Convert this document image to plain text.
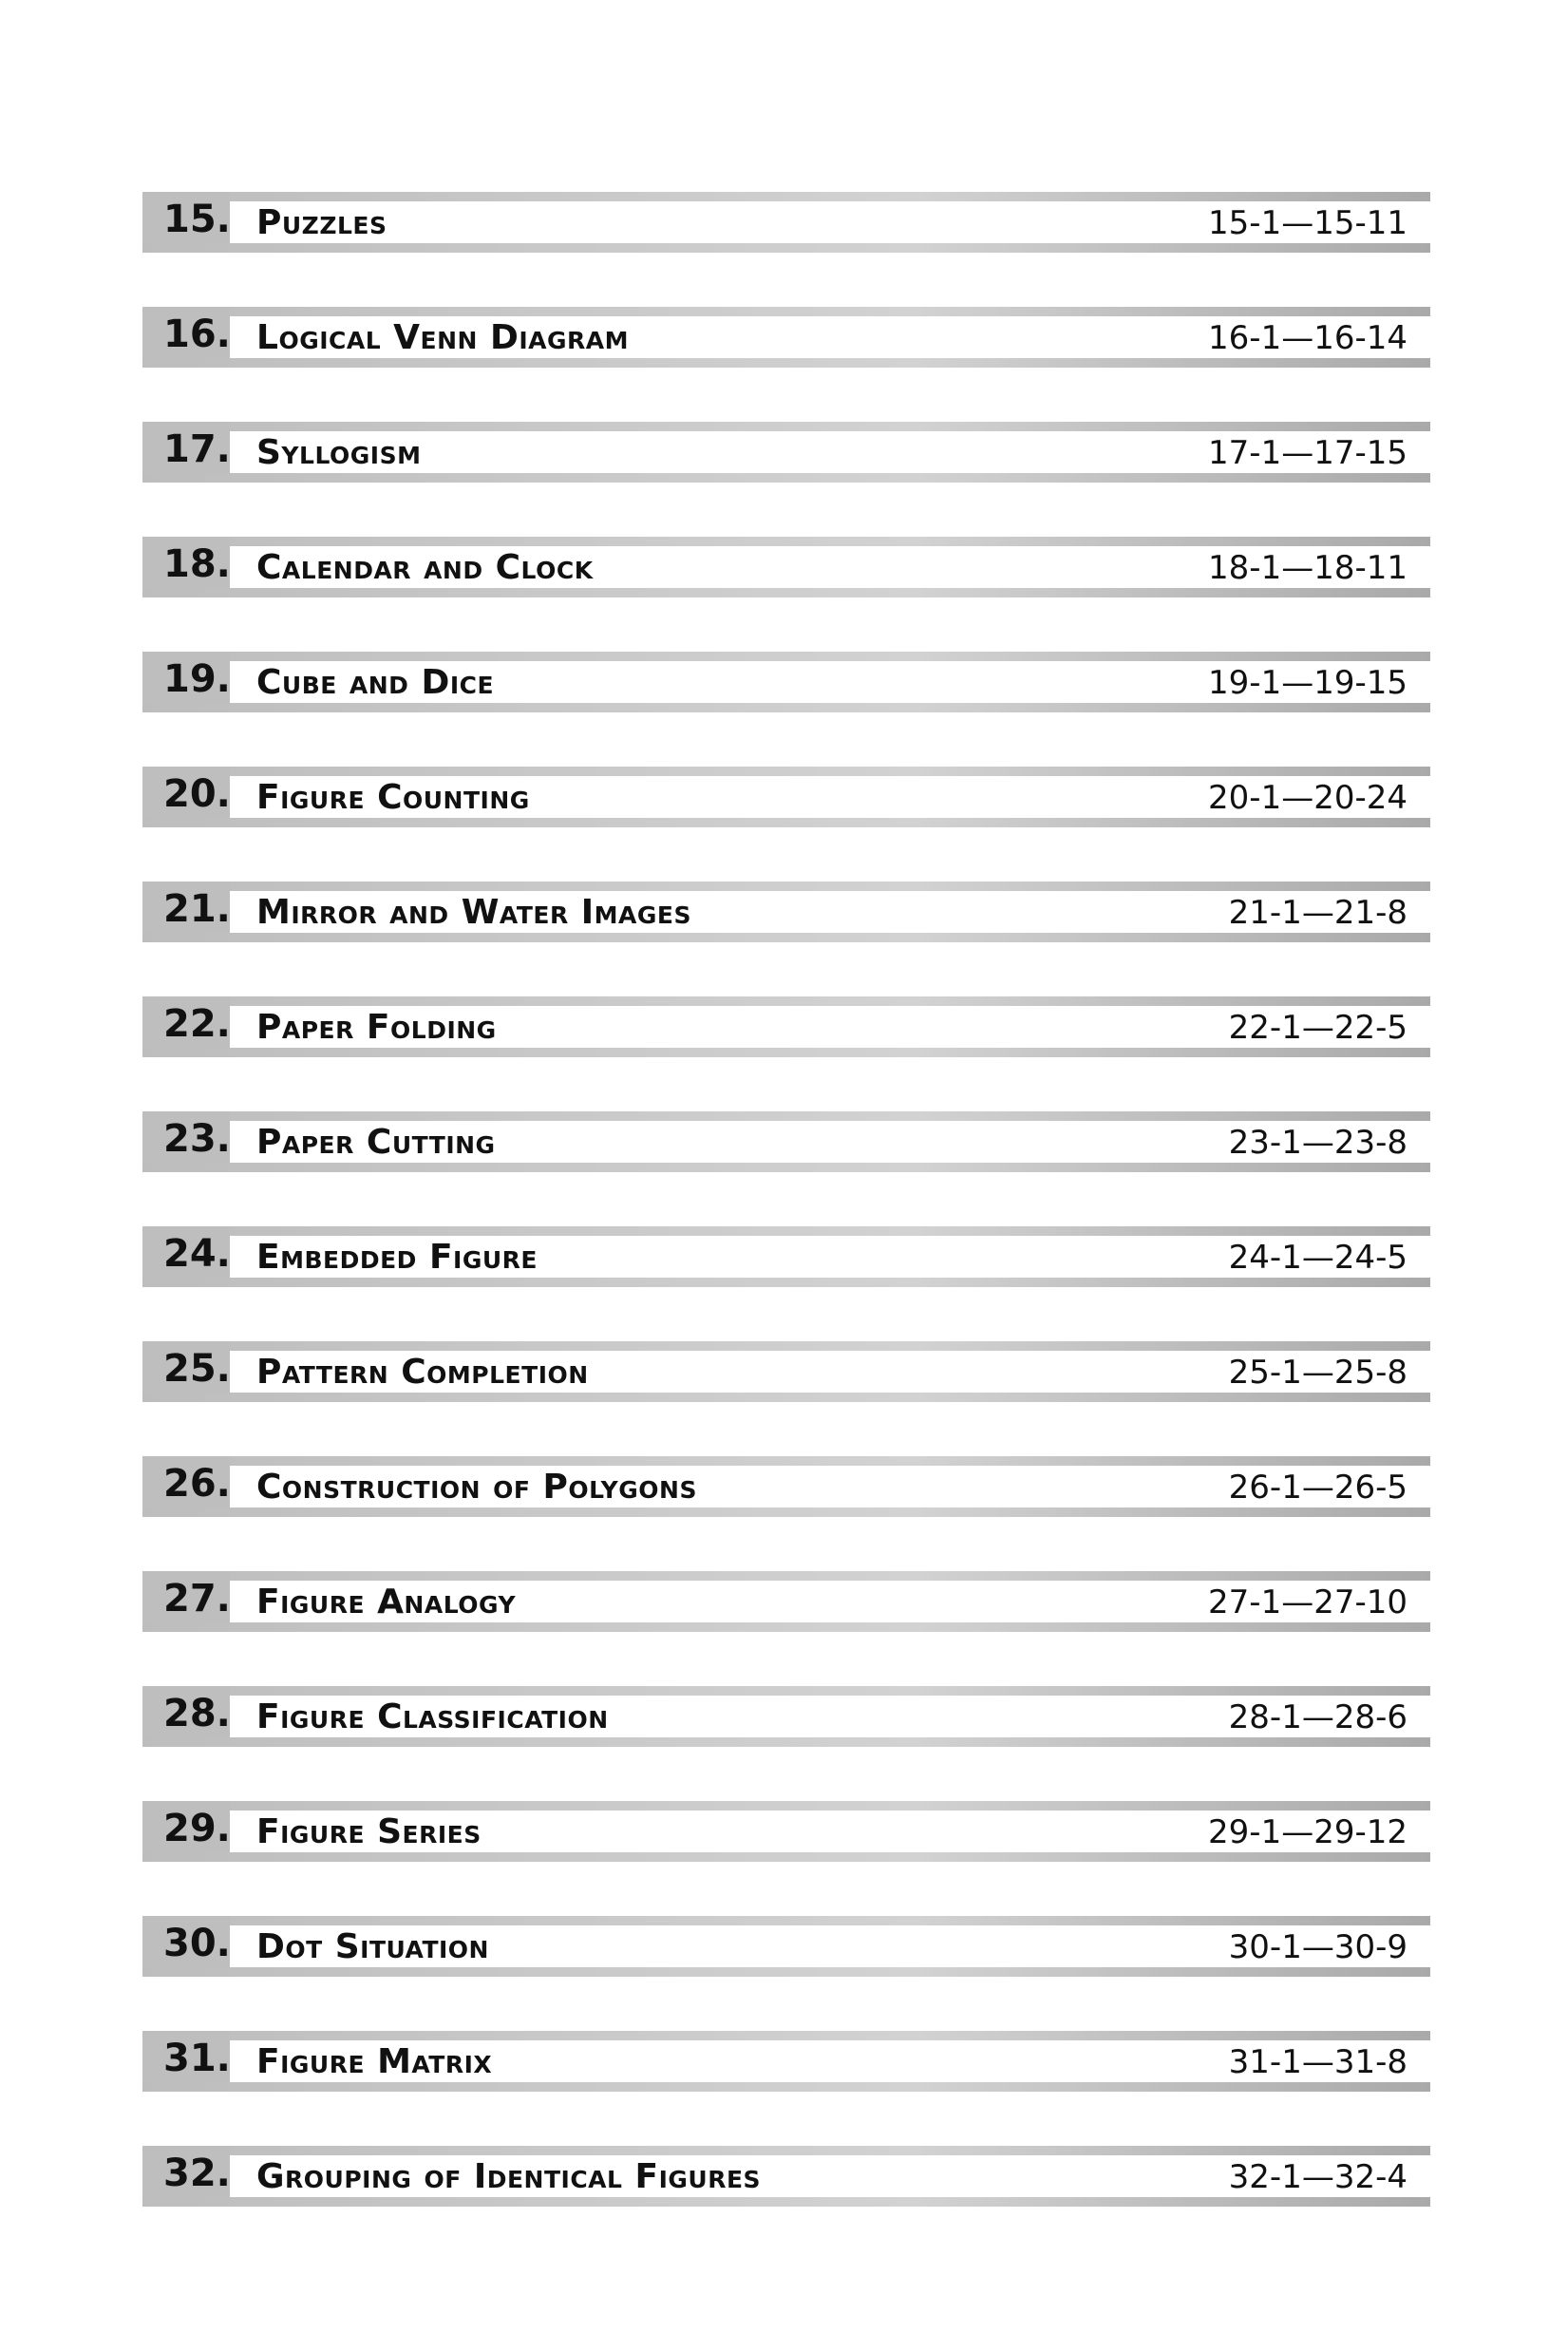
15. Puzzles	15-1—15-11
16. Logical Venn Diagram	16-1—16-14
17. Syllogism	17-1—17-15
18. Calendar and Clock	18-1—18-11
19. Cube and Dice	19-1—19-15
20. Figure Counting	20-1—20-24
21. Mirror and Water Images	21-1—21-8
22. Paper Folding	22-1—22-5
23. Paper Cutting	23-1—23-8
24. Embedded Figure	24-1—24-5
25. Pattern Completion	25-1—25-8
26. Construction of Polygons	26-1—26-5
27. Figure Analogy	27-1—27-10
28. Figure Classification	28-1—28-6
29. Figure Series	29-1—29-12
30. Dot Situation	30-1—30-9
31. Figure Matrix	31-1—31-8
32. Grouping of Identical Figures	32-1—32-4
